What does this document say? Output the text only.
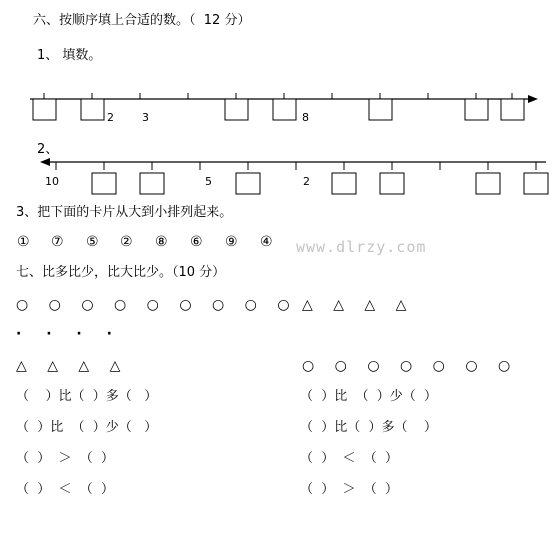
六、按顺序填上合适的数。（  12 分）
1、 填数。
2	3	8
2、
10	5	2
3、把下面的卡片从大到小排列起来。
① ⑦ ⑤ ② ⑧ ⑥ ⑨ ④ www.dlrzy.com
七、比多比少，比大比少。（10 分）
○ ○ ○ ○ ○ ○ ○ ○ ○
· · · ·
△ △ △ △
（    ）比（  ）多（   ）
（  ）比  （  ）少（   ）
（  ）  ＞  （  ）
（  ）  ＜  （  ）
△ △ △ △
○ ○ ○ ○ ○ ○ ○
（  ）比  （  ）少（  ）
（  ）比（  ）多（    ）
（  ）  ＜  （  ）
（  ）  ＞  （  ）
